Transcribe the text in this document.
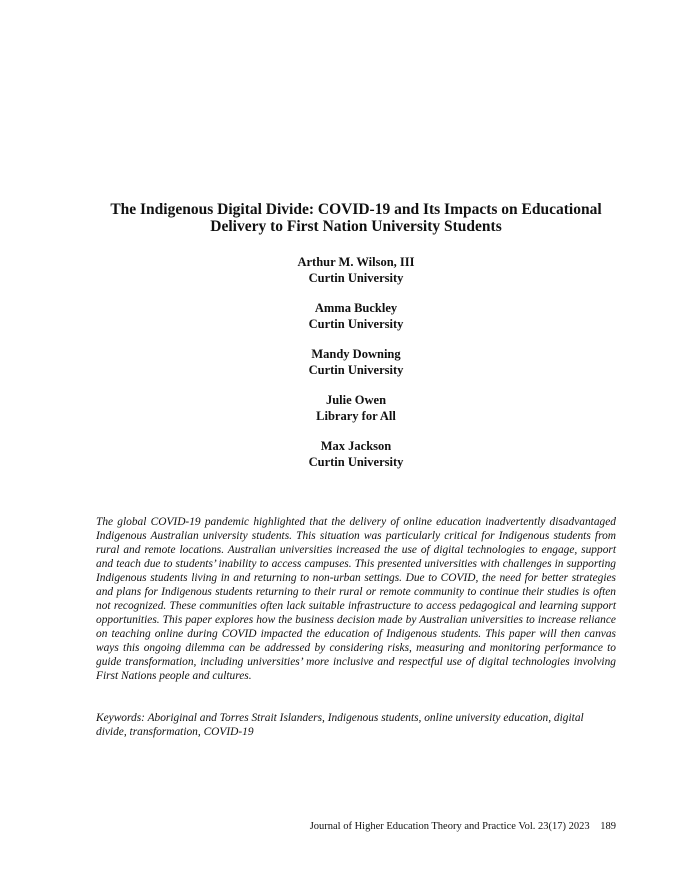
The Indigenous Digital Divide: COVID-19 and Its Impacts on Educational
Delivery to First Nation University Students
Arthur M. Wilson, III
Curtin University
Amma Buckley
Curtin University
Mandy Downing
Curtin University
Julie Owen
Library for All
Max Jackson
Curtin University

The global COVID-19 pandemic highlighted that the delivery of online education inadvertently disadvantaged Indigenous Australian university students. This situation was particularly critical for Indigenous students from rural and remote locations. Australian universities increased the use of digital technologies to engage, support and teach due to students’ inability to access campuses. This presented universities with challenges in supporting Indigenous students living in and returning to non-urban settings. Due to COVID, the need for better strategies and plans for Indigenous students returning to their rural or remote community to continue their studies is often not recognized. These communities often lack suitable infrastructure to access pedagogical and learning support opportunities. This paper explores how the business decision made by Australian universities to increase reliance on teaching online during COVID impacted the education of Indigenous students. This paper will then canvas ways this ongoing dilemma can be addressed by considering risks, measuring and monitoring performance to guide transformation, including universities’ more inclusive and respectful use of digital technologies involving First Nations people and cultures.

Keywords: Aboriginal and Torres Strait Islanders, Indigenous students, online university education, digital divide, transformation, COVID-19

Journal of Higher Education Theory and Practice Vol. 23(17) 2023 189
